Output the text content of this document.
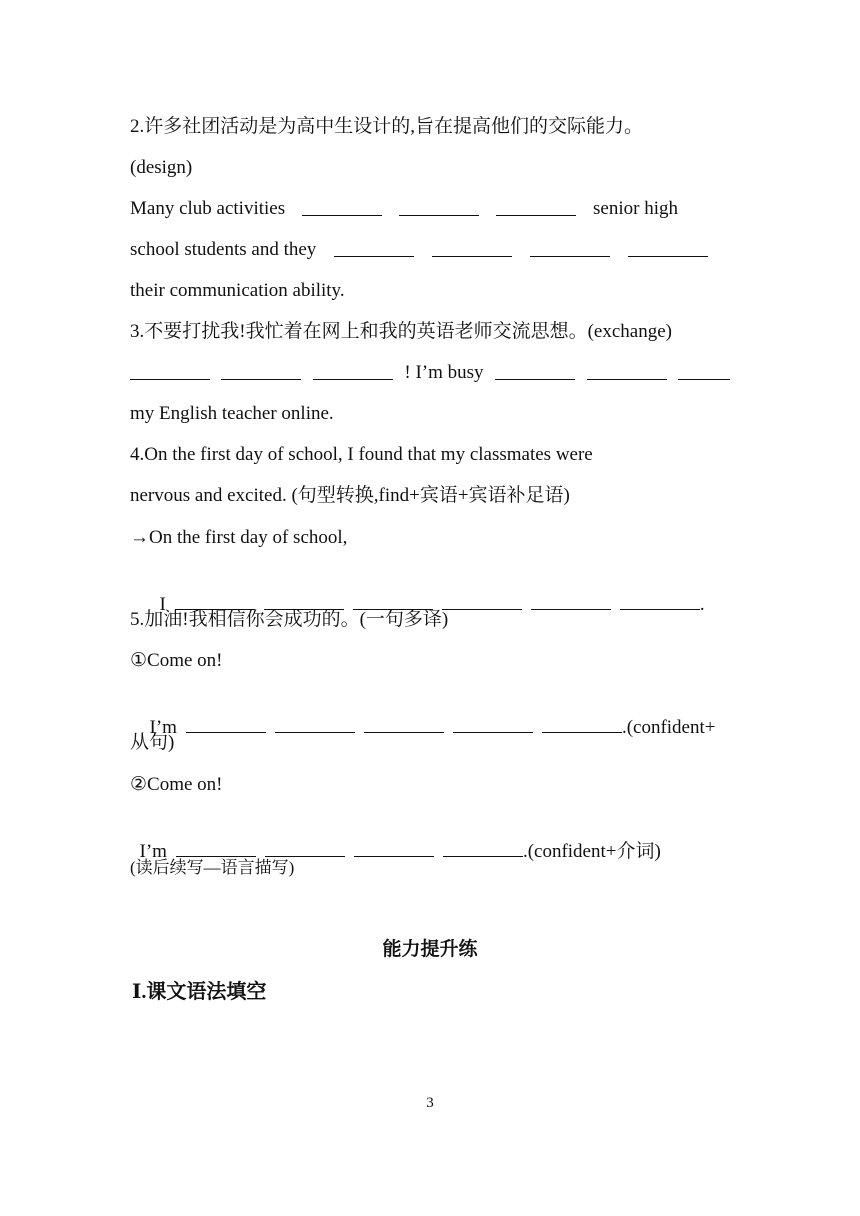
2.许多社团活动是为高中生设计的,旨在提高他们的交际能力。
(design)
Many club activities	senior high
school students and they
their communication ability.
3.不要打扰我!我忙着在网上和我的英语老师交流思想。(exchange)
! I’m busy
my English teacher online.
4.On the first day of school, I found that my classmates were
nervous and excited. (句型转换,find+宾语+宾语补足语)
→On the first day of school,

I	.

5.加油!我相信你会成功的。(一句多译)
①Come on!

I’m	.(confident+

从句)
②Come on!

I’m	.(confident+介词)

(读后续写—语言描写)
能力提升练
Ⅰ.课文语法填空
3
